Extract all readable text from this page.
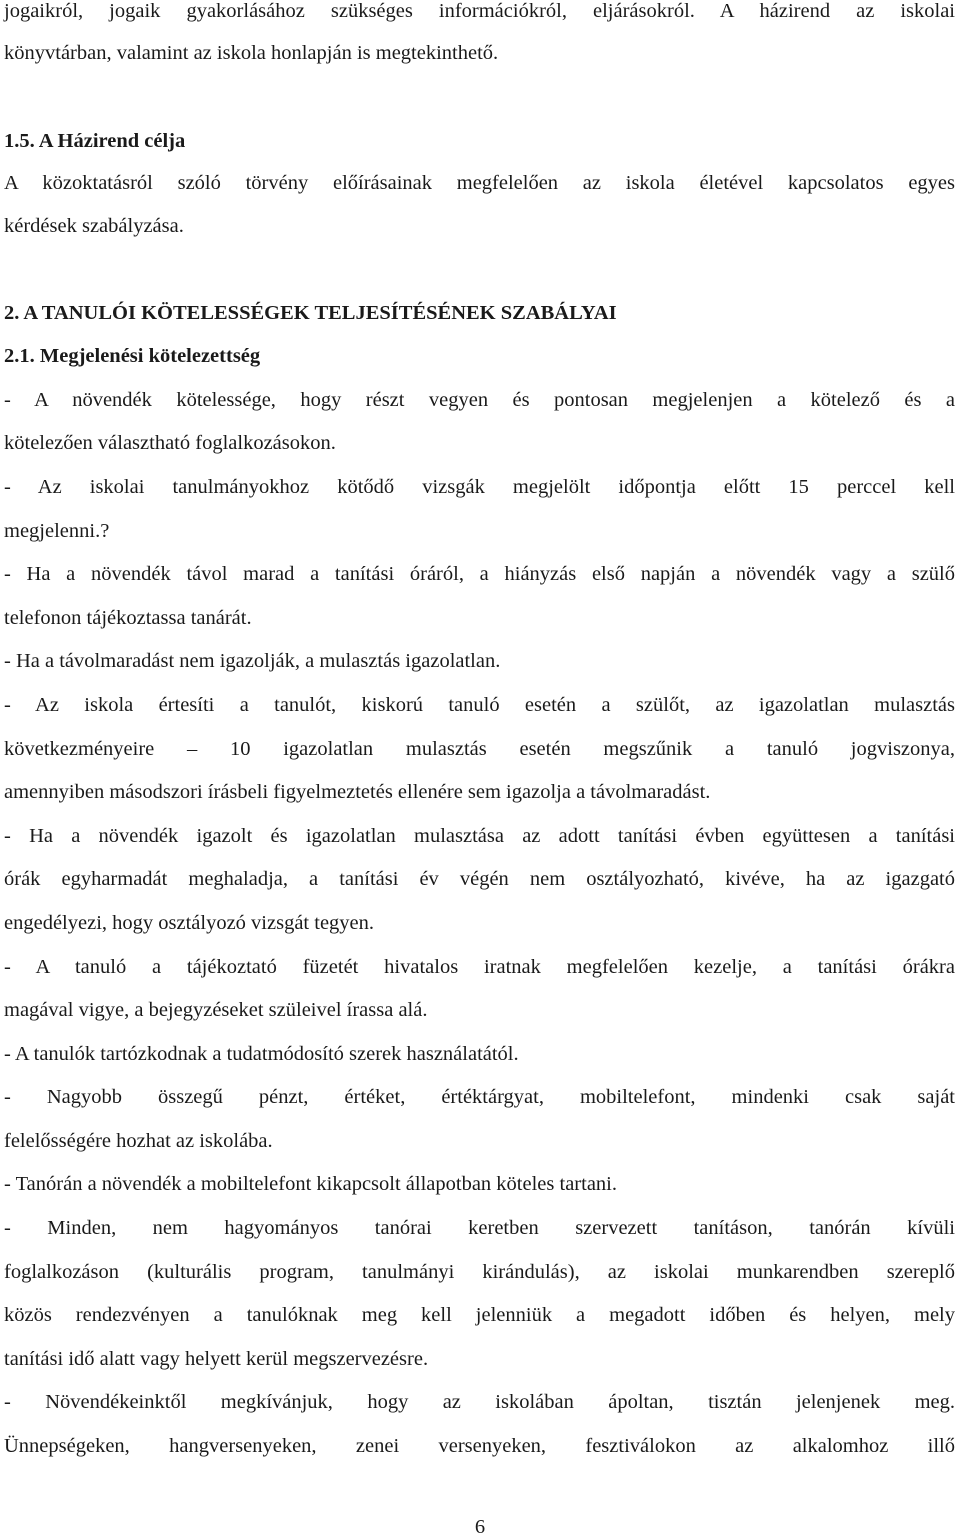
jogaikról, jogaik gyakorlásához szükséges információkról, eljárásokról. A házirend az iskolai
könyvtárban, valamint az iskola honlapján is megtekinthető.
1.5. A Házirend célja
A közoktatásról szóló törvény előírásainak megfelelően az iskola életével kapcsolatos egyes
kérdések szabályzása.
2. A TANULÓI KÖTELESSÉGEK TELJESÍTÉSÉNEK SZABÁLYAI
2.1. Megjelenési kötelezettség
- A növendék kötelessége, hogy részt vegyen és pontosan megjelenjen a kötelező és a
kötelezően választható foglalkozásokon.
- Az iskolai tanulmányokhoz kötődő vizsgák megjelölt időpontja előtt 15 perccel kell
megjelenni.?
- Ha a növendék távol marad a tanítási óráról, a hiányzás első napján a növendék vagy a szülő
telefonon tájékoztassa tanárát.
- Ha a távolmaradást nem igazolják, a mulasztás igazolatlan.
- Az iskola értesíti a tanulót, kiskorú tanuló esetén a szülőt, az igazolatlan mulasztás
következményeire – 10 igazolatlan mulasztás esetén megszűnik a tanuló jogviszonya,
amennyiben másodszori írásbeli figyelmeztetés ellenére sem igazolja a távolmaradást.
- Ha a növendék igazolt és igazolatlan mulasztása az adott tanítási évben együttesen a tanítási
órák egyharmadát meghaladja, a tanítási év végén nem osztályozható, kivéve, ha az igazgató
engedélyezi, hogy osztályozó vizsgát tegyen.
- A tanuló a tájékoztató füzetét hivatalos iratnak megfelelően kezelje, a tanítási órákra
magával vigye, a bejegyzéseket szüleivel írassa alá.
- A tanulók tartózkodnak a tudatmódosító szerek használatától.
- Nagyobb összegű pénzt, értéket, értéktárgyat, mobiltelefont, mindenki csak saját
felelősségére hozhat az iskolába.
- Tanórán a növendék a mobiltelefont kikapcsolt állapotban köteles tartani.
- Minden, nem hagyományos tanórai keretben szervezett tanításon, tanórán kívüli
foglalkozáson (kulturális program, tanulmányi kirándulás), az iskolai munkarendben szereplő
közös rendezvényen a tanulóknak meg kell jelenniük a megadott időben és helyen, mely
tanítási idő alatt vagy helyett kerül megszervezésre.
- Növendékeinktől megkívánjuk, hogy az iskolában ápoltan, tisztán jelenjenek meg.
Ünnepségeken, hangversenyeken, zenei versenyeken, fesztiválokon az alkalomhoz illő
6
